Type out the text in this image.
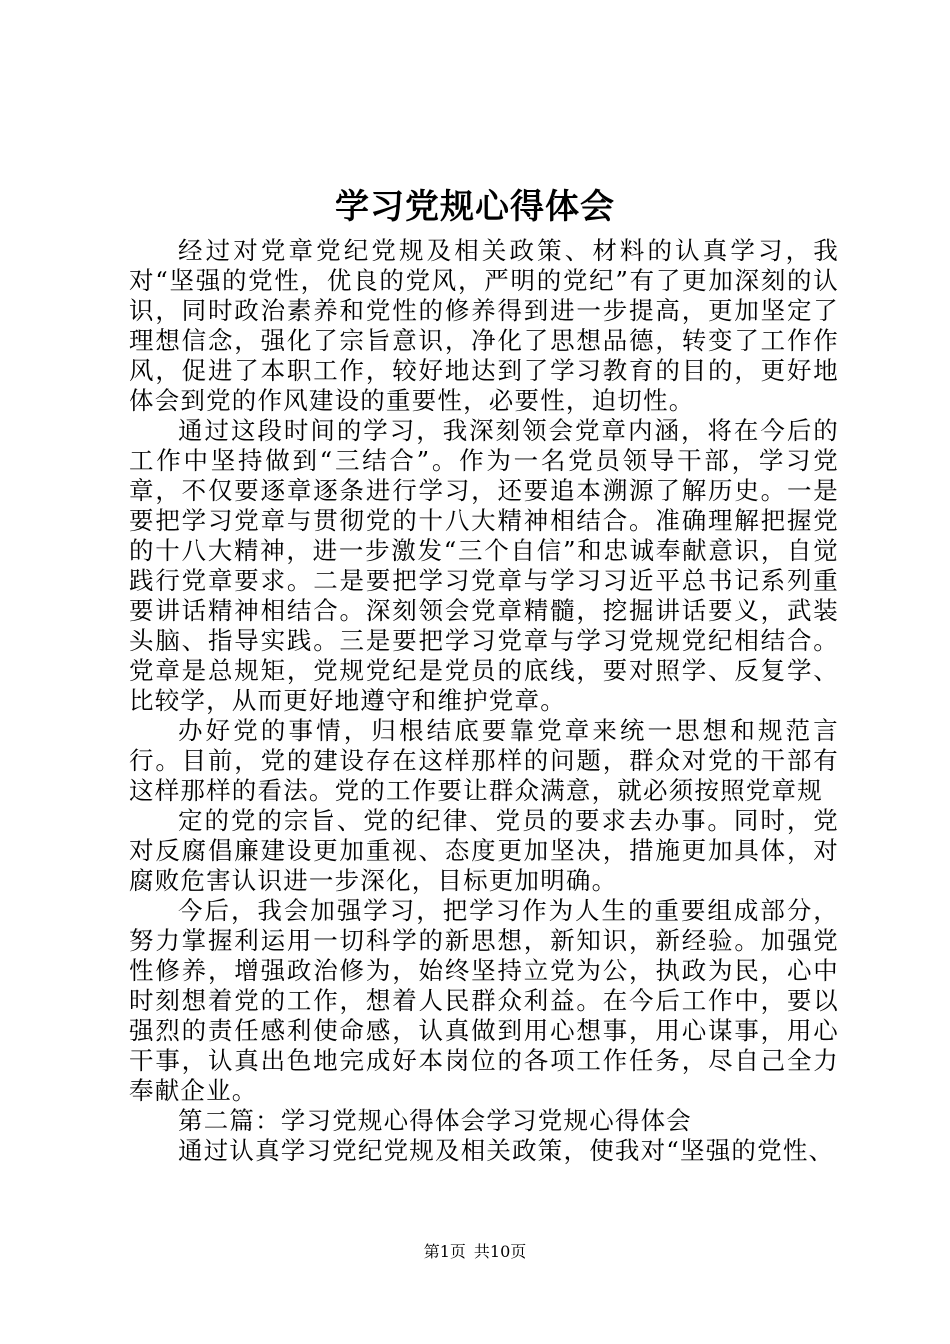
学习党规心得体会

经过对党章党纪党规及相关政策、材料的认真学习，我对“坚强的党性，优良的党风，严明的党纪”有了更加深刻的认识，同时政治素养和党性的修养得到进一步提高，更加坚定了理想信念，强化了宗旨意识，净化了思想品德，转变了工作作风，促进了本职工作，较好地达到了学习教育的目的，更好地体会到党的作风建设的重要性，必要性，迫切性。

通过这段时间的学习，我深刻领会党章内涵，将在今后的工作中坚持做到“三结合”。作为一名党员领导干部，学习党章，不仅要逐章逐条进行学习，还要追本溯源了解历史。一是要把学习党章与贯彻党的十八大精神相结合。准确理解把握党的十八大精神，进一步激发“三个自信”和忠诚奉献意识，自觉践行党章要求。二是要把学习党章与学习习近平总书记系列重要讲话精神相结合。深刻领会党章精髓，挖掘讲话要义，武装头脑、指导实践。三是要把学习党章与学习党规党纪相结合。党章是总规矩，党规党纪是党员的底线，要对照学、反复学、比较学，从而更好地遵守和维护党章。

办好党的事情，归根结底要靠党章来统一思想和规范言行。目前，党的建设存在这样那样的问题，群众对党的干部有这样那样的看法。党的工作要让群众满意，就必须按照党章规

定的党的宗旨、党的纪律、党员的要求去办事。同时，党对反腐倡廉建设更加重视、态度更加坚决，措施更加具体，对腐败危害认识进一步深化，目标更加明确。

今后，我会加强学习，把学习作为人生的重要组成部分，努力掌握利运用一切科学的新思想，新知识，新经验。加强党性修养，增强政治修为，始终坚持立党为公，执政为民，心中时刻想着党的工作，想着人民群众利益。在今后工作中，要以强烈的责任感利使命感，认真做到用心想事，用心谋事，用心干事，认真出色地完成好本岗位的各项工作任务，尽自己全力奉献企业。

第二篇：学习党规心得体会学习党规心得体会

通过认真学习党纪党规及相关政策，使我对“坚强的党性、

第1页 共10页
